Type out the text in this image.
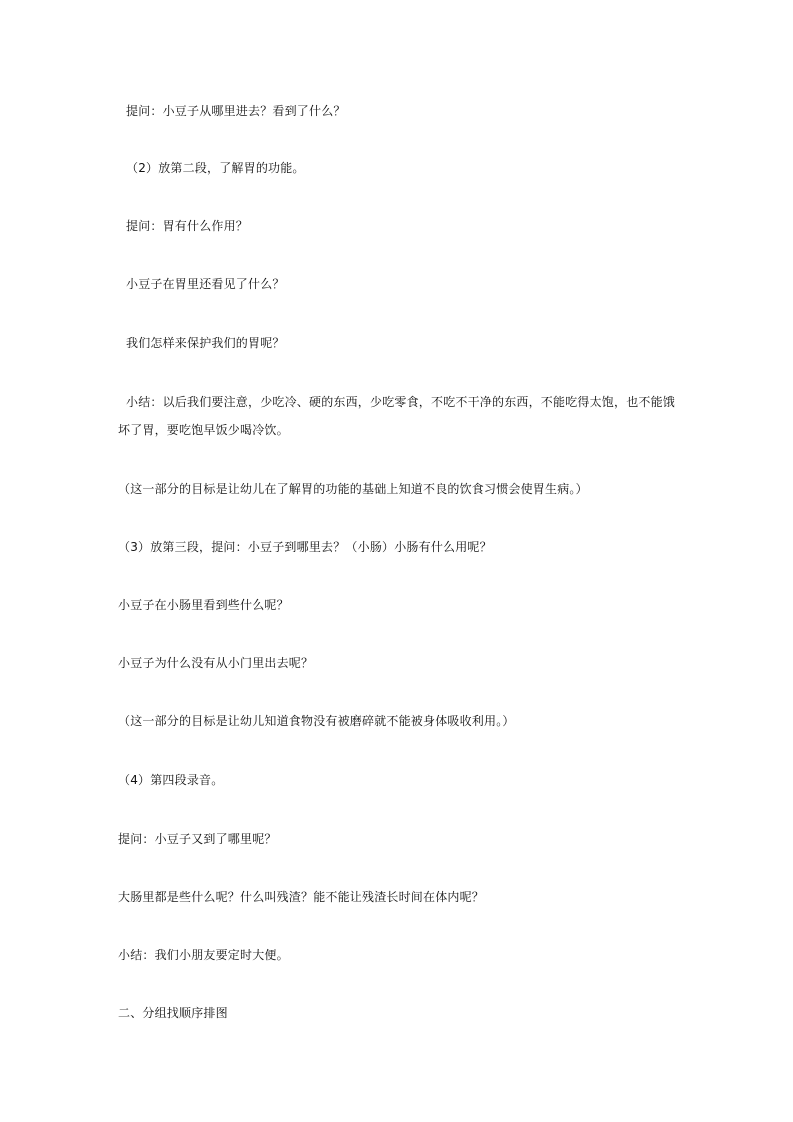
提问：小豆子从哪里进去？看到了什么？
（2）放第二段，了解胃的功能。
提问：胃有什么作用？
小豆子在胃里还看见了什么？
我们怎样来保护我们的胃呢？
小结：以后我们要注意，少吃冷、硬的东西，少吃零食，不吃不干净的东西，不能吃得太饱，也不能饿
坏了胃，要吃饱早饭少喝冷饮。
（这一部分的目标是让幼儿在了解胃的功能的基础上知道不良的饮食习惯会使胃生病。）
（3）放第三段，提问：小豆子到哪里去？（小肠）小肠有什么用呢？
小豆子在小肠里看到些什么呢？
小豆子为什么没有从小门里出去呢？
（这一部分的目标是让幼儿知道食物没有被磨碎就不能被身体吸收利用。）
（4）第四段录音。
提问：小豆子又到了哪里呢？
大肠里都是些什么呢？什么叫残渣？能不能让残渣长时间在体内呢？
小结：我们小朋友要定时大便。
二、分组找顺序排图
